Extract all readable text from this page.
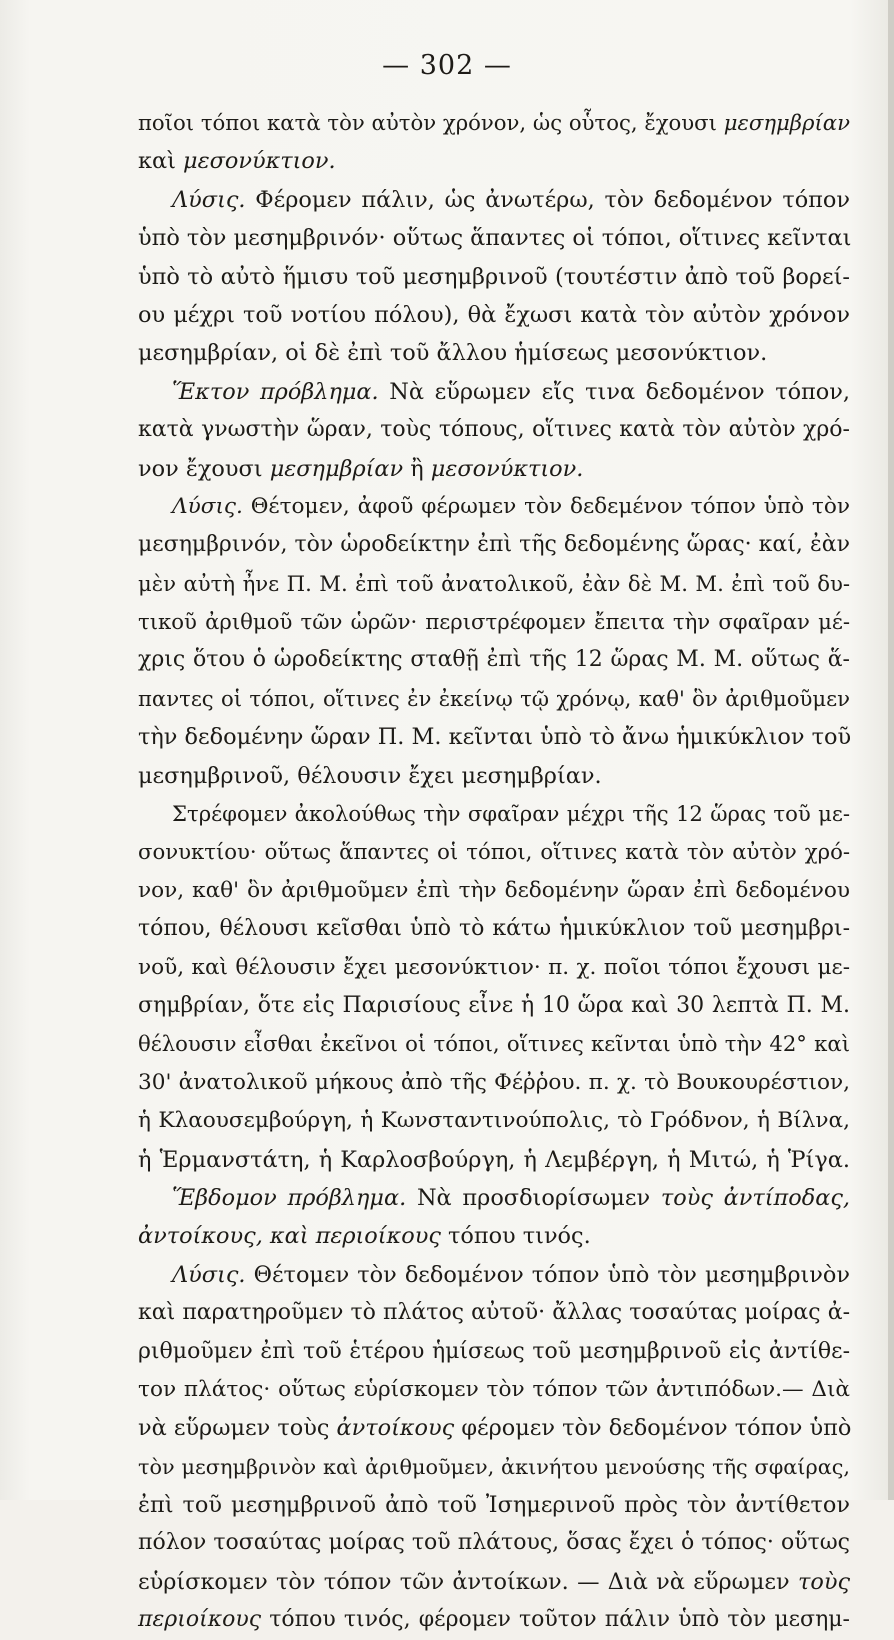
— 302 —
ποῖοι τόποι κατὰ τὸν αὐτὸν χρόνον, ὡς οὗτος, ἔχουσι μεσημβρίαν
καὶ μεσονύκτιον.
Λύσις. Φέρομεν πάλιν, ὡς ἀνωτέρω, τὸν δεδομένον τόπον
ὑπὸ τὸν μεσημβρινόν· οὕτως ἅπαντες οἱ τόποι, οἵτινες κεῖνται
ὑπὸ τὸ αὐτὸ ἥμισυ τοῦ μεσημβρινοῦ (τουτέστιν ἀπὸ τοῦ βορεί-
ου μέχρι τοῦ νοτίου πόλου), θὰ ἔχωσι κατὰ τὸν αὐτὸν χρόνον
μεσημβρίαν, οἱ δὲ ἐπὶ τοῦ ἄλλου ἡμίσεως μεσονύκτιον.
Ἕκτον πρόβλημα. Νὰ εὕρωμεν εἴς τινα δεδομένον τόπον,
κατὰ γνωστὴν ὥραν, τοὺς τόπους, οἵτινες κατὰ τὸν αὐτὸν χρό-
νον ἔχουσι μεσημβρίαν ἢ μεσονύκτιον.
Λύσις. Θέτομεν, ἀφοῦ φέρωμεν τὸν δεδεμένον τόπον ὑπὸ τὸν
μεσημβρινόν, τὸν ὡροδείκτην ἐπὶ τῆς δεδομένης ὥρας· καί, ἐὰν
μὲν αὐτὴ ἦνε Π. Μ. ἐπὶ τοῦ ἀνατολικοῦ, ἐὰν δὲ Μ. Μ. ἐπὶ τοῦ δυ-
τικοῦ ἀριθμοῦ τῶν ὡρῶν· περιστρέφομεν ἔπειτα τὴν σφαῖραν μέ-
χρις ὅτου ὁ ὡροδείκτης σταθῇ ἐπὶ τῆς 12 ὥρας Μ. Μ. οὕτως ἅ-
παντες οἱ τόποι, οἵτινες ἐν ἐκείνῳ τῷ χρόνῳ, καθ' ὃν ἀριθμοῦμεν
τὴν δεδομένην ὥραν Π. Μ. κεῖνται ὑπὸ τὸ ἄνω ἡμικύκλιον τοῦ
μεσημβρινοῦ, θέλουσιν ἔχει μεσημβρίαν.
Στρέφομεν ἀκολούθως τὴν σφαῖραν μέχρι τῆς 12 ὥρας τοῦ με-
σονυκτίου· οὕτως ἅπαντες οἱ τόποι, οἵτινες κατὰ τὸν αὐτὸν χρό-
νον, καθ' ὃν ἀριθμοῦμεν ἐπὶ τὴν δεδομένην ὥραν ἐπὶ δεδομένου
τόπου, θέλουσι κεῖσθαι ὑπὸ τὸ κάτω ἡμικύκλιον τοῦ μεσημβρι-
νοῦ, καὶ θέλουσιν ἔχει μεσονύκτιον· π. χ. ποῖοι τόποι ἔχουσι με-
σημβρίαν, ὅτε εἰς Παρισίους εἶνε ἡ 10 ὥρα καὶ 30 λεπτὰ Π. Μ.
θέλουσιν εἶσθαι ἐκεῖνοι οἱ τόποι, οἵτινες κεῖνται ὑπὸ τὴν 42° καὶ
30' ἀνατολικοῦ μήκους ἀπὸ τῆς Φέῤῥου. π. χ. τὸ Βουκουρέστιον,
ἡ Κλαουσεμβούργη, ἡ Κωνσταντινούπολις, τὸ Γρόδνον, ἡ Βίλνα,
ἡ Ἑρμανστάτη, ἡ Καρλοσβούργη, ἡ Λεμβέργη, ἡ Μιτώ, ἡ Ῥίγα.
Ἕβδομον πρόβλημα. Νὰ προσδιορίσωμεν τοὺς ἀντίποδας,
ἀντοίκους, καὶ περιοίκους τόπου τινός.
Λύσις. Θέτομεν τὸν δεδομένον τόπον ὑπὸ τὸν μεσημβρινὸν
καὶ παρατηροῦμεν τὸ πλάτος αὐτοῦ· ἄλλας τοσαύτας μοίρας ἀ-
ριθμοῦμεν ἐπὶ τοῦ ἑτέρου ἡμίσεως τοῦ μεσημβρινοῦ εἰς ἀντίθε-
τον πλάτος· οὕτως εὑρίσκομεν τὸν τόπον τῶν ἀντιπόδων.— Διὰ
νὰ εὕρωμεν τοὺς ἀντοίκους φέρομεν τὸν δεδομένον τόπον ὑπὸ
τὸν μεσημβρινὸν καὶ ἀριθμοῦμεν, ἀκινήτου μενούσης τῆς σφαίρας,
ἐπὶ τοῦ μεσημβρινοῦ ἀπὸ τοῦ Ἰσημερινοῦ πρὸς τὸν ἀντίθετον
πόλον τοσαύτας μοίρας τοῦ πλάτους, ὅσας ἔχει ὁ τόπος· οὕτως
εὑρίσκομεν τὸν τόπον τῶν ἀντοίκων. — Διὰ νὰ εὕρωμεν τοὺς
περιοίκους τόπου τινός, φέρομεν τοῦτον πάλιν ὑπὸ τὸν μεσημ-
